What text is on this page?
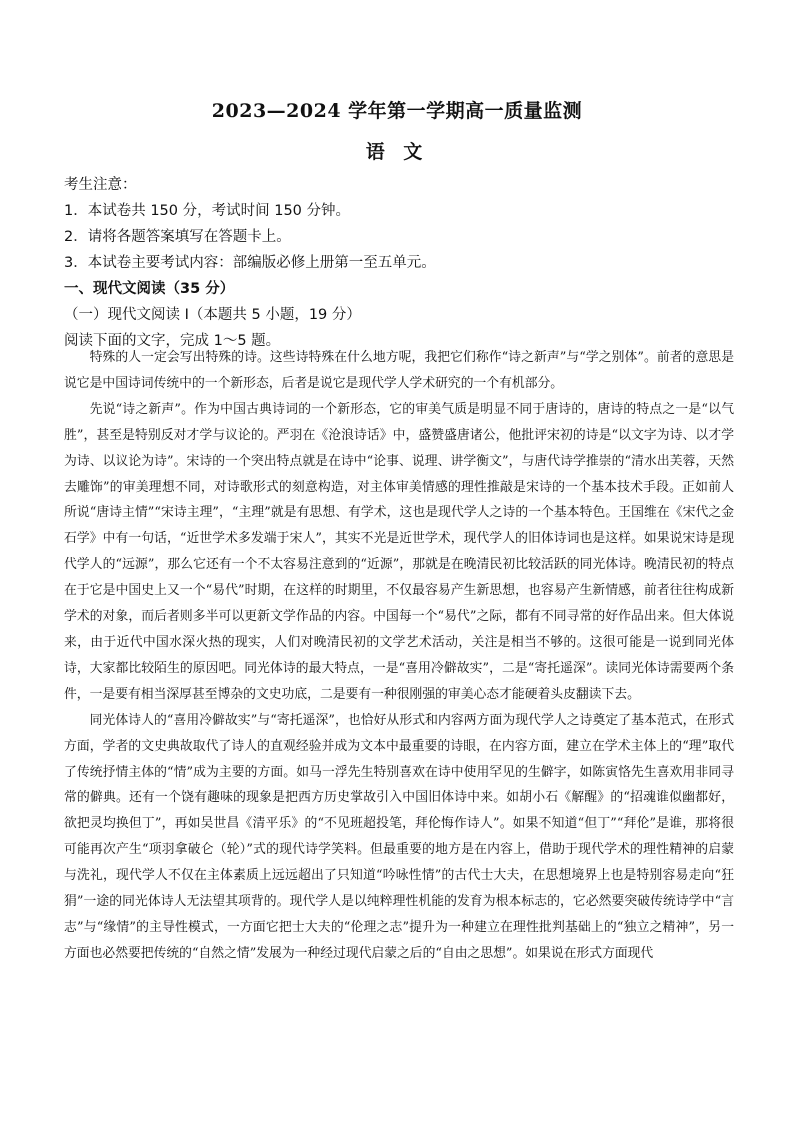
2023—2024 学年第一学期高一质量监测
语 文
考生注意：
1．本试卷共 150 分，考试时间 150 分钟。
2．请将各题答案填写在答题卡上。
3．本试卷主要考试内容：部编版必修上册第一至五单元。
一、现代文阅读（35 分）
（一）现代文阅读 I（本题共 5 小题，19 分）
阅读下面的文字，完成 1～5 题。

特殊的人一定会写出特殊的诗。这些诗特殊在什么地方呢，我把它们称作“诗之新声”与“学之别体”。前者的意思是说它是中国诗词传统中的一个新形态，后者是说它是现代学人学术研究的一个有机部分。

先说“诗之新声”。作为中国古典诗词的一个新形态，它的审美气质是明显不同于唐诗的，唐诗的特点之一是“以气胜”，甚至是特别反对才学与议论的。严羽在《沧浪诗话》中，盛赞盛唐诸公，他批评宋初的诗是“以文字为诗、以才学为诗、以议论为诗”。宋诗的一个突出特点就是在诗中“论事、说理、讲学衡文”，与唐代诗学推崇的“清水出芙蓉，天然去雕饰”的审美理想不同，对诗歌形式的刻意构造，对主体审美情感的理性推敲是宋诗的一个基本技术手段。正如前人所说“唐诗主情”“宋诗主理”，“主理”就是有思想、有学术，这也是现代学人之诗的一个基本特色。王国维在《宋代之金石学》中有一句话，“近世学术多发端于宋人”，其实不光是近世学术，现代学人的旧体诗词也是这样。如果说宋诗是现代学人的“远源”，那么它还有一个不太容易注意到的“近源”，那就是在晚清民初比较活跃的同光体诗。晚清民初的特点在于它是中国史上又一个“易代”时期，在这样的时期里，不仅最容易产生新思想，也容易产生新情感，前者往往构成新学术的对象，而后者则多半可以更新文学作品的内容。中国每一个“易代”之际，都有不同寻常的好作品出来。但大体说来，由于近代中国水深火热的现实，人们对晚清民初的文学艺术活动，关注是相当不够的。这很可能是一说到同光体诗，大家都比较陌生的原因吧。同光体诗的最大特点，一是“喜用冷僻故实”，二是“寄托遥深”。读同光体诗需要两个条件，一是要有相当深厚甚至博杂的文史功底，二是要有一种很刚强的审美心态才能硬着头皮翻读下去。

同光体诗人的“喜用冷僻故实”与“寄托遥深”，也恰好从形式和内容两方面为现代学人之诗奠定了基本范式，在形式方面，学者的文史典故取代了诗人的直观经验并成为文本中最重要的诗眼，在内容方面，建立在学术主体上的“理”取代了传统抒情主体的“情”成为主要的方面。如马一浮先生特别喜欢在诗中使用罕见的生僻字，如陈寅恪先生喜欢用非同寻常的僻典。还有一个饶有趣味的现象是把西方历史掌故引入中国旧体诗中来。如胡小石《解醒》的“招魂谁似幽都好，欲把灵均换但丁”，再如吴世昌《清平乐》的“不见班超投笔，拜伦悔作诗人”。如果不知道“但丁”“拜伦”是谁，那将很可能再次产生“项羽拿破仑（轮）”式的现代诗学笑料。但最重要的地方是在内容上，借助于现代学术的理性精神的启蒙与洗礼，现代学人不仅在主体素质上远远超出了只知道“吟咏性情”的古代士大夫，在思想境界上也是特别容易走向“狂狷”一途的同光体诗人无法望其项背的。现代学人是以纯粹理性机能的发育为根本标志的，它必然要突破传统诗学中“言志”与“缘情”的主导性模式，一方面它把士大夫的“伦理之志”提升为一种建立在理性批判基础上的“独立之精神”，另一方面也必然要把传统的“自然之情”发展为一种经过现代启蒙之后的“自由之思想”。如果说在形式方面现代
